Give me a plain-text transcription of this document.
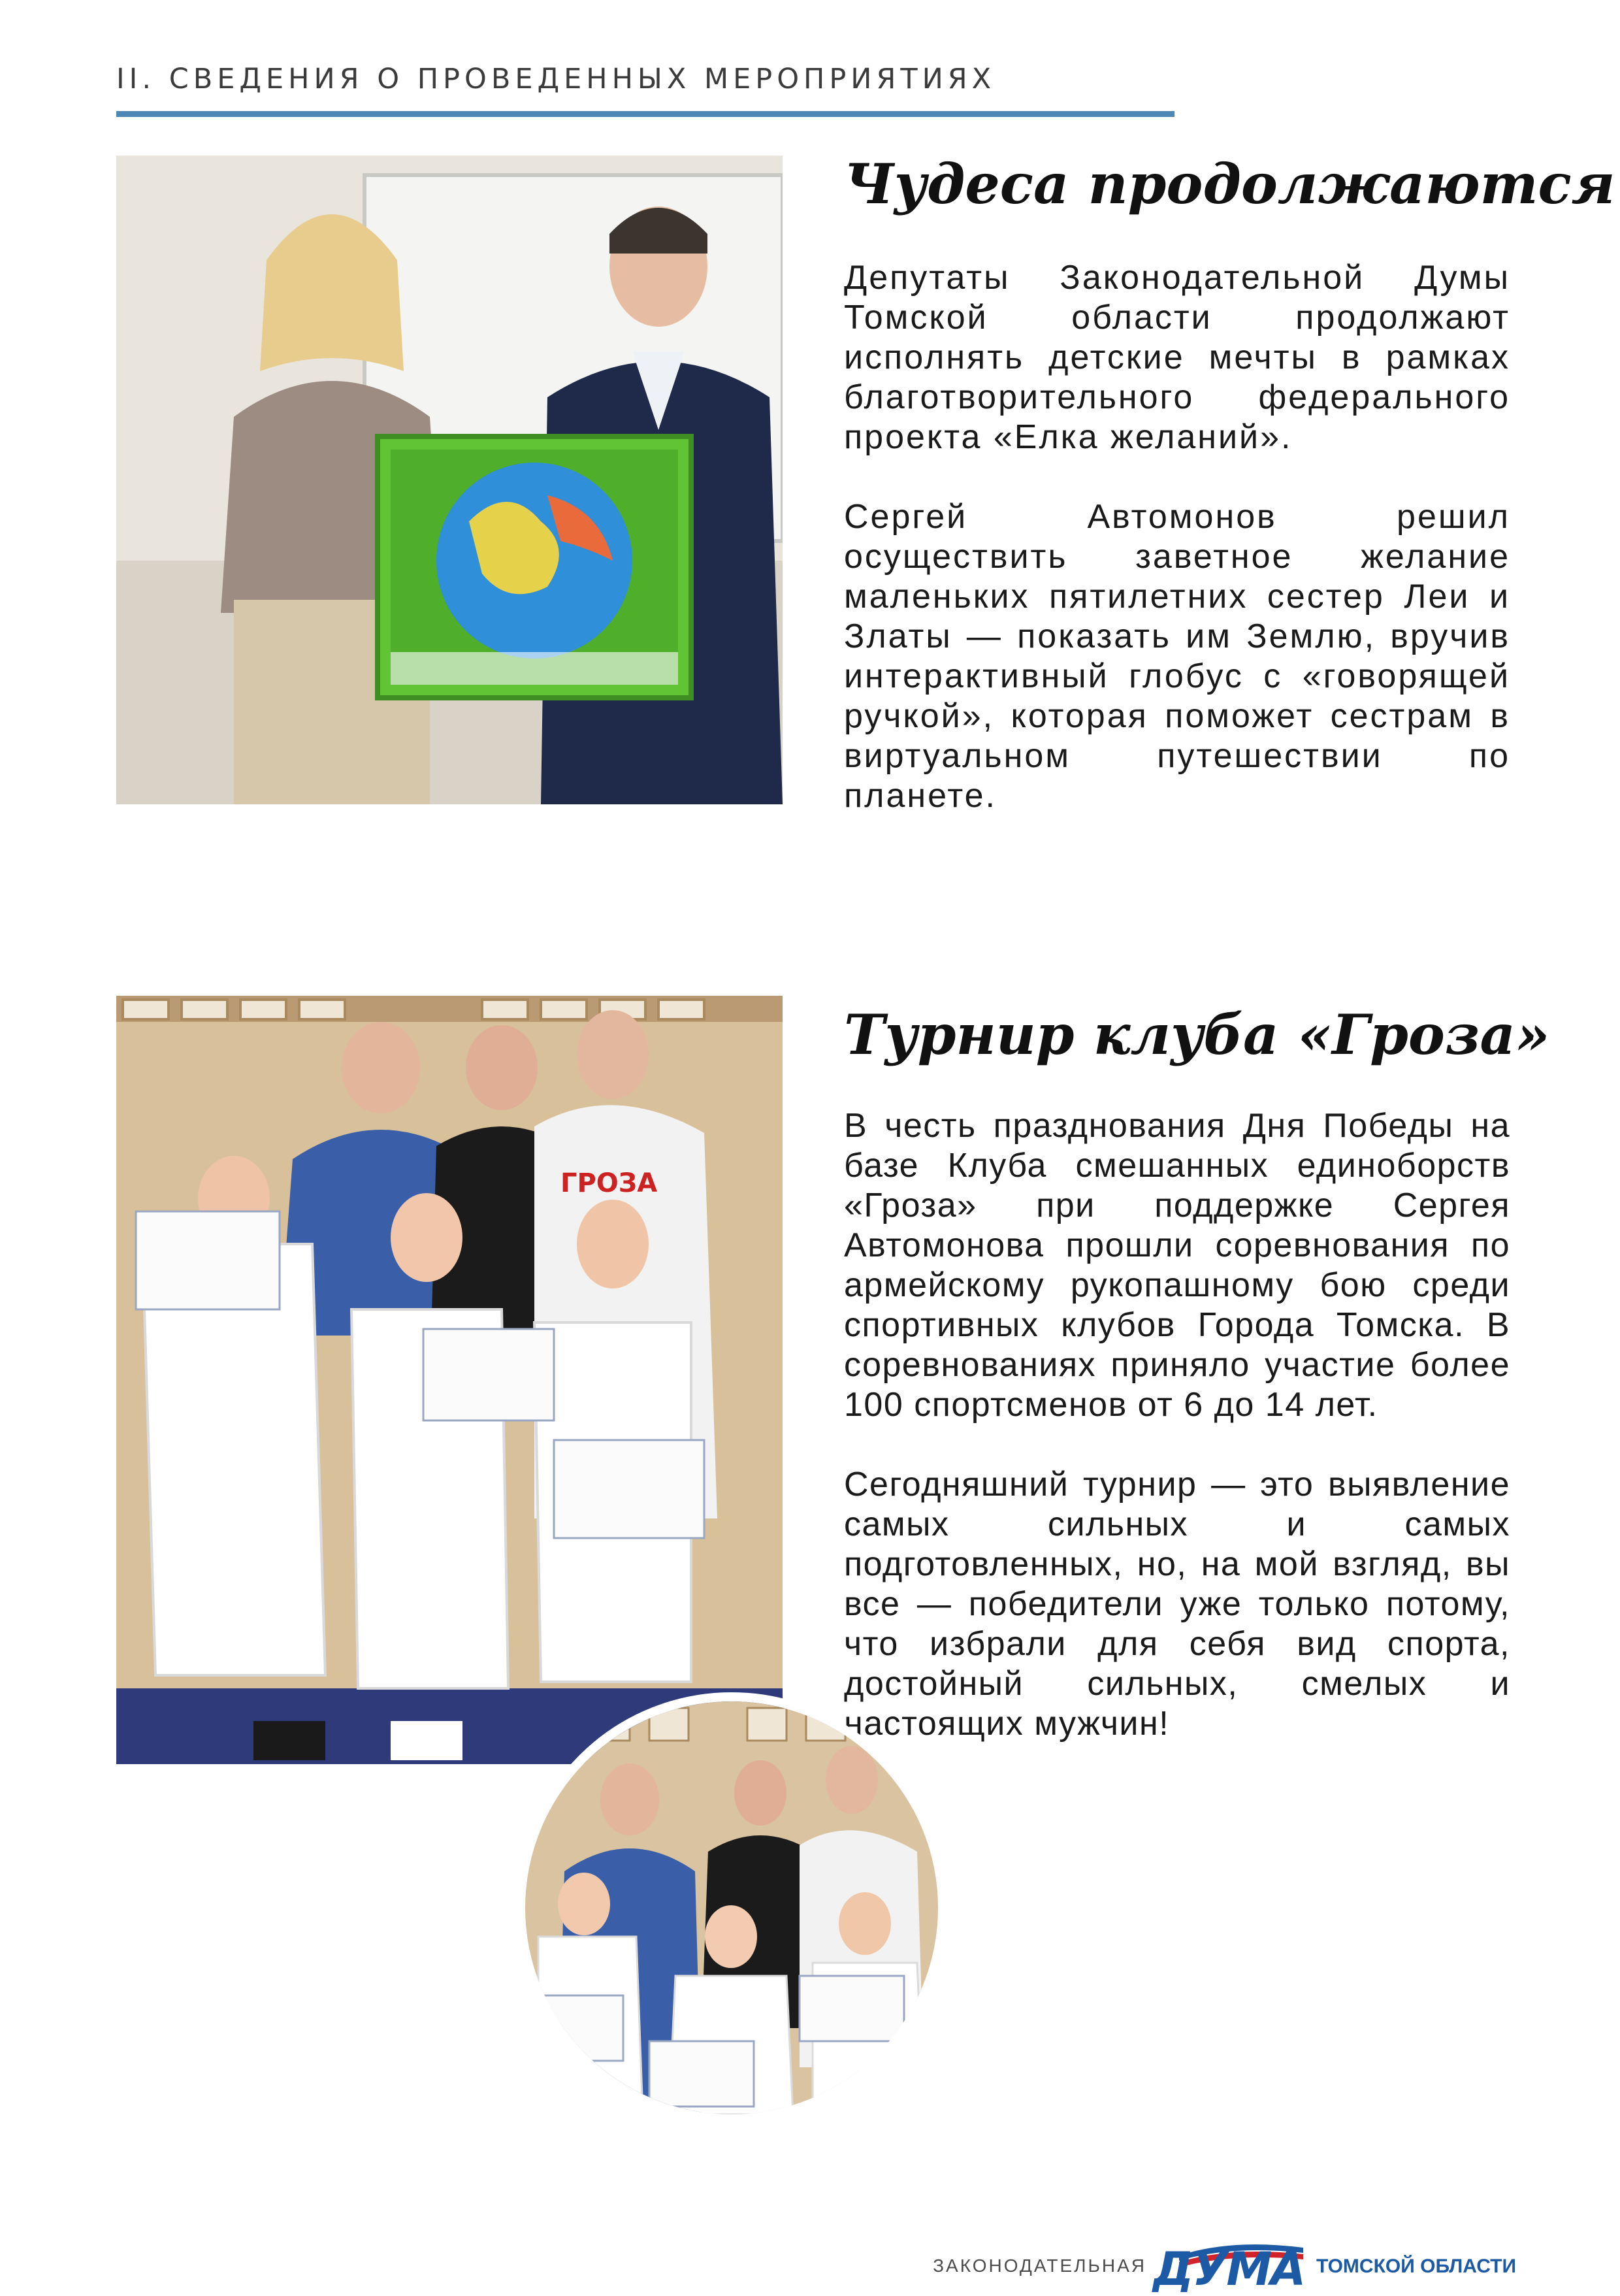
II. СВЕДЕНИЯ О ПРОВЕДЕННЫХ МЕРОПРИЯТИЯХ
Чудеса продолжаются

Депутаты Законодательной Думы Томской области продолжают исполнять детские мечты в рамках благотворительного федерального проекта «Елка желаний».

Сергей Автомонов решил осуществить заветное желание маленьких пятилетних сестер Леи и Златы — показать им Землю, вручив интерактивный глобус с «говорящей ручкой», которая поможет сестрам в виртуальном путешествии по планете.

ГРОЗА
Турнир клуба «Гроза»

В честь празднования Дня Победы на базе Клуба смешанных единоборств «Гроза» при поддержке Сергея Автомонова прошли соревнования по армейскому рукопашному бою среди спортивных клубов Города Томска. В соревнованиях приняло участие более 100 спортсменов от 6 до 14 лет.

Сегодняшний турнир — это выявление самых сильных и самых подготовленных, но, на мой взгляд, вы все — победители уже только потому, что избрали для себя вид спорта, достойный сильных, смелых и настоящих мужчин!

ЗАКОНОДАТЕЛЬНАЯ ДУМА ТОМСКОЙ ОБЛАСТИ
